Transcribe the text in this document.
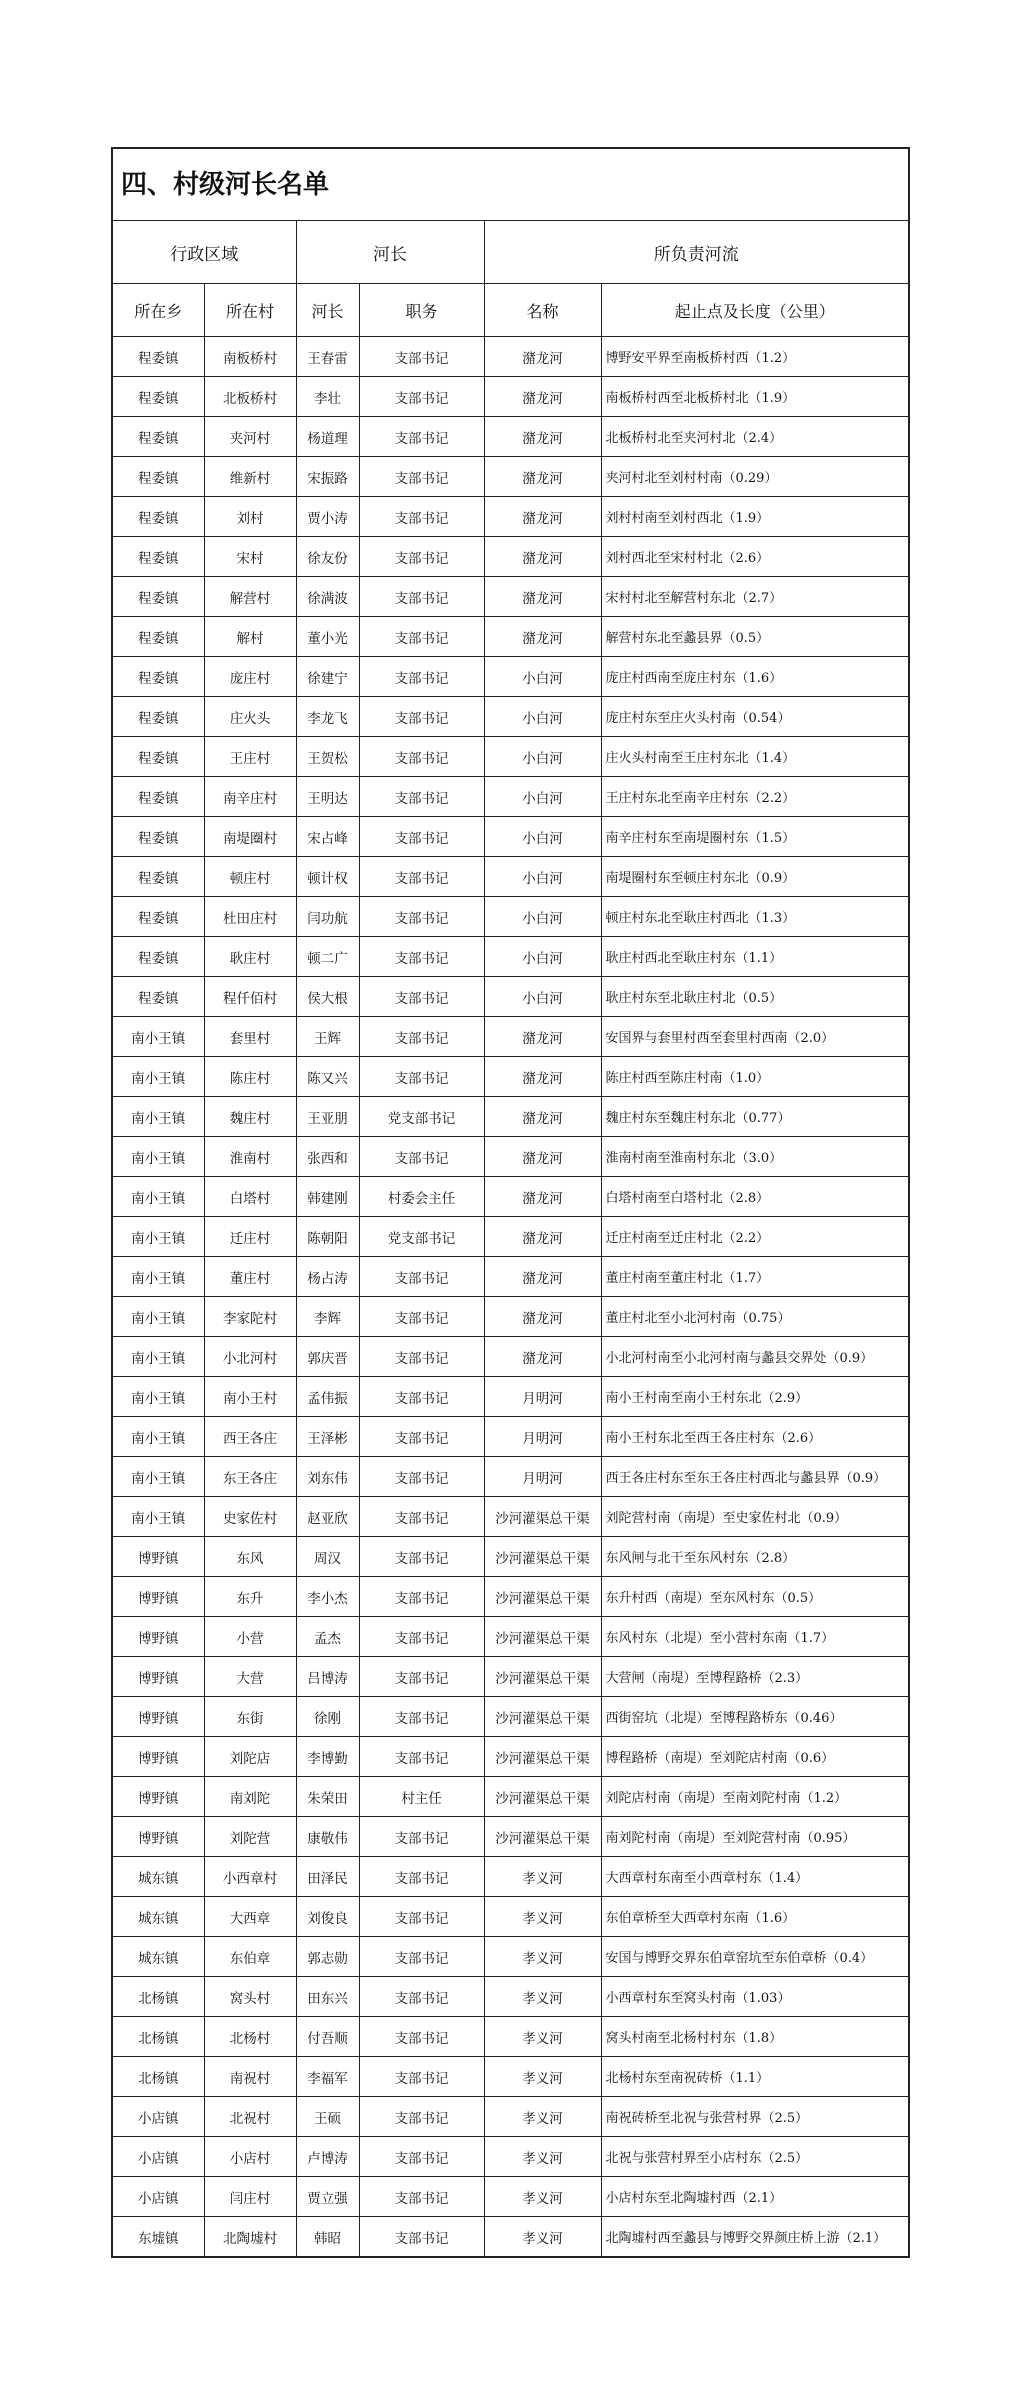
四、村级河长名单
行政区域		河长		所负责河流	
所在乡	所在村	河长	职务	名称	起止点及长度（公里）
程委镇	南板桥村	王春雷	支部书记	潴龙河	博野安平界至南板桥村西（1.2）
程委镇	北板桥村	李壮	支部书记	潴龙河	南板桥村西至北板桥村北（1.9）
程委镇	夹河村	杨道理	支部书记	潴龙河	北板桥村北至夹河村北（2.4）
程委镇	维新村	宋振路	支部书记	潴龙河	夹河村北至刘村村南（0.29）
程委镇	刘村	贾小涛	支部书记	潴龙河	刘村村南至刘村西北（1.9）
程委镇	宋村	徐友份	支部书记	潴龙河	刘村西北至宋村村北（2.6）
程委镇	解营村	徐满波	支部书记	潴龙河	宋村村北至解营村东北（2.7）
程委镇	解村	董小光	支部书记	潴龙河	解营村东北至蠡县界（0.5）
程委镇	庞庄村	徐建宁	支部书记	小白河	庞庄村西南至庞庄村东（1.6）
程委镇	庄火头	李龙飞	支部书记	小白河	庞庄村东至庄火头村南（0.54）
程委镇	王庄村	王贺松	支部书记	小白河	庄火头村南至王庄村东北（1.4）
程委镇	南辛庄村	王明达	支部书记	小白河	王庄村东北至南辛庄村东（2.2）
程委镇	南堤圈村	宋占峰	支部书记	小白河	南辛庄村东至南堤圈村东（1.5）
程委镇	顿庄村	顿计权	支部书记	小白河	南堤圈村东至顿庄村东北（0.9）
程委镇	杜田庄村	闫功航	支部书记	小白河	顿庄村东北至耿庄村西北（1.3）
程委镇	耿庄村	顿二广	支部书记	小白河	耿庄村西北至耿庄村东（1.1）
程委镇	程仟佰村	侯大根	支部书记	小白河	耿庄村东至北耿庄村北（0.5）
南小王镇	套里村	王辉	支部书记	潴龙河	安国界与套里村西至套里村西南（2.0）
南小王镇	陈庄村	陈又兴	支部书记	潴龙河	陈庄村西至陈庄村南（1.0）
南小王镇	魏庄村	王亚朋	党支部书记	潴龙河	魏庄村东至魏庄村东北（0.77）
南小王镇	淮南村	张西和	支部书记	潴龙河	淮南村南至淮南村东北（3.0）
南小王镇	白塔村	韩建刚	村委会主任	潴龙河	白塔村南至白塔村北（2.8）
南小王镇	迁庄村	陈朝阳	党支部书记	潴龙河	迁庄村南至迁庄村北（2.2）
南小王镇	董庄村	杨占涛	支部书记	潴龙河	董庄村南至董庄村北（1.7）
南小王镇	李家陀村	李辉	支部书记	潴龙河	董庄村北至小北河村南（0.75）
南小王镇	小北河村	郭庆晋	支部书记	潴龙河	小北河村南至小北河村南与蠡县交界处（0.9）
南小王镇	南小王村	孟伟振	支部书记	月明河	南小王村南至南小王村东北（2.9）
南小王镇	西王各庄	王泽彬	支部书记	月明河	南小王村东北至西王各庄村东（2.6）
南小王镇	东王各庄	刘东伟	支部书记	月明河	西王各庄村东至东王各庄村西北与蠡县界（0.9）
南小王镇	史家佐村	赵亚欣	支部书记	沙河灌渠总干渠	刘陀营村南（南堤）至史家佐村北（0.9）
博野镇	东风	周汉	支部书记	沙河灌渠总干渠	东风闸与北干至东风村东（2.8）
博野镇	东升	李小杰	支部书记	沙河灌渠总干渠	东升村西（南堤）至东风村东（0.5）
博野镇	小营	孟杰	支部书记	沙河灌渠总干渠	东风村东（北堤）至小营村东南（1.7）
博野镇	大营	吕博涛	支部书记	沙河灌渠总干渠	大营闸（南堤）至博程路桥（2.3）
博野镇	东街	徐刚	支部书记	沙河灌渠总干渠	西街窑坑（北堤）至博程路桥东（0.46）
博野镇	刘陀店	李博勤	支部书记	沙河灌渠总干渠	博程路桥（南堤）至刘陀店村南（0.6）
博野镇	南刘陀	朱荣田	村主任	沙河灌渠总干渠	刘陀店村南（南堤）至南刘陀村南（1.2）
博野镇	刘陀营	康敬伟	支部书记	沙河灌渠总干渠	南刘陀村南（南堤）至刘陀营村南（0.95）
城东镇	小西章村	田泽民	支部书记	孝义河	大西章村东南至小西章村东（1.4）
城东镇	大西章	刘俊良	支部书记	孝义河	东伯章桥至大西章村东南（1.6）
城东镇	东伯章	郭志勋	支部书记	孝义河	安国与博野交界东伯章窑坑至东伯章桥（0.4）
北杨镇	窝头村	田东兴	支部书记	孝义河	小西章村东至窝头村南（1.03）
北杨镇	北杨村	付吾顺	支部书记	孝义河	窝头村南至北杨村村东（1.8）
北杨镇	南祝村	李福军	支部书记	孝义河	北杨村东至南祝砖桥（1.1）
小店镇	北祝村	王硕	支部书记	孝义河	南祝砖桥至北祝与张营村界（2.5）
小店镇	小店村	卢博涛	支部书记	孝义河	北祝与张营村界至小店村东（2.5）
小店镇	闫庄村	贾立强	支部书记	孝义河	小店村东至北陶墟村西（2.1）
东墟镇	北陶墟村	韩昭	支部书记	孝义河	北陶墟村西至蠡县与博野交界颜庄桥上游（2.1）
